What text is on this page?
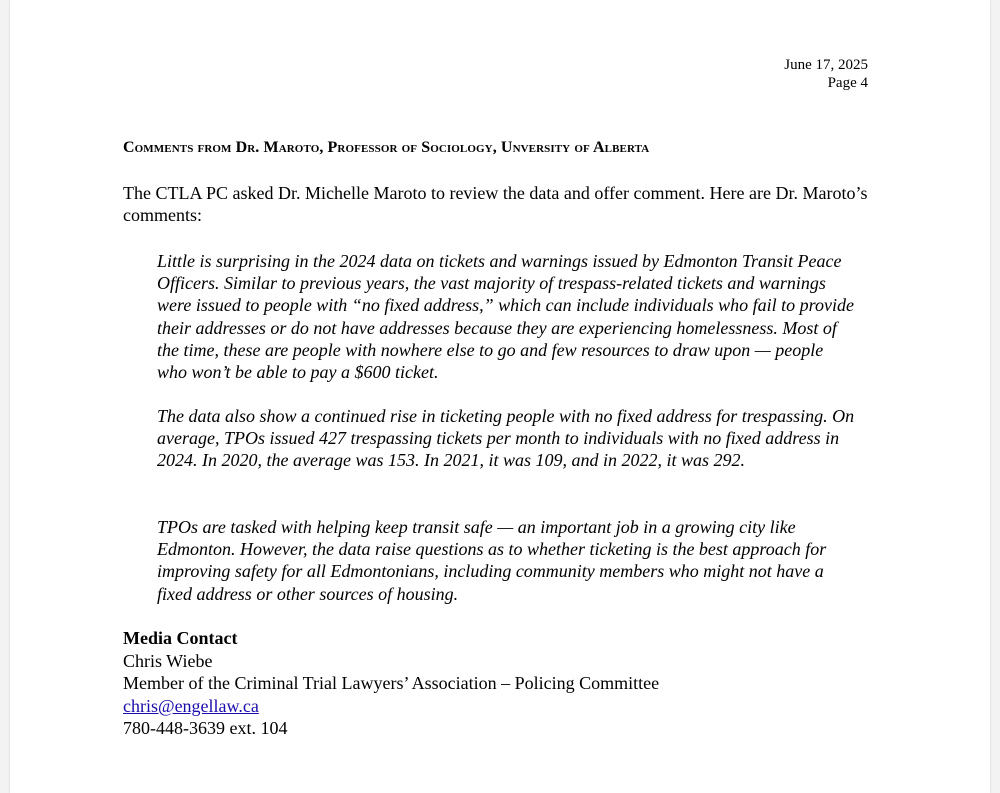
June 17, 2025
Page 4
Comments from Dr. Maroto, Professor of Sociology, Unversity of Alberta
The CTLA PC asked Dr. Michelle Maroto to review the data and offer comment. Here are Dr. Maroto’s comments:
Little is surprising in the 2024 data on tickets and warnings issued by Edmonton Transit Peace Officers. Similar to previous years, the vast majority of trespass-related tickets and warnings were issued to people with “no fixed address,” which can include individuals who fail to provide their addresses or do not have addresses because they are experiencing homelessness. Most of the time, these are people with nowhere else to go and few resources to draw upon — people who won’t be able to pay a $600 ticket.
The data also show a continued rise in ticketing people with no fixed address for trespassing. On average, TPOs issued 427 trespassing tickets per month to individuals with no fixed address in 2024. In 2020, the average was 153. In 2021, it was 109, and in 2022, it was 292.
TPOs are tasked with helping keep transit safe — an important job in a growing city like Edmonton. However, the data raise questions as to whether ticketing is the best approach for improving safety for all Edmontonians, including community members who might not have a fixed address or other sources of housing.
Media Contact
Chris Wiebe
Member of the Criminal Trial Lawyers’ Association – Policing Committee
chris@engellaw.ca
780-448-3639 ext. 104
